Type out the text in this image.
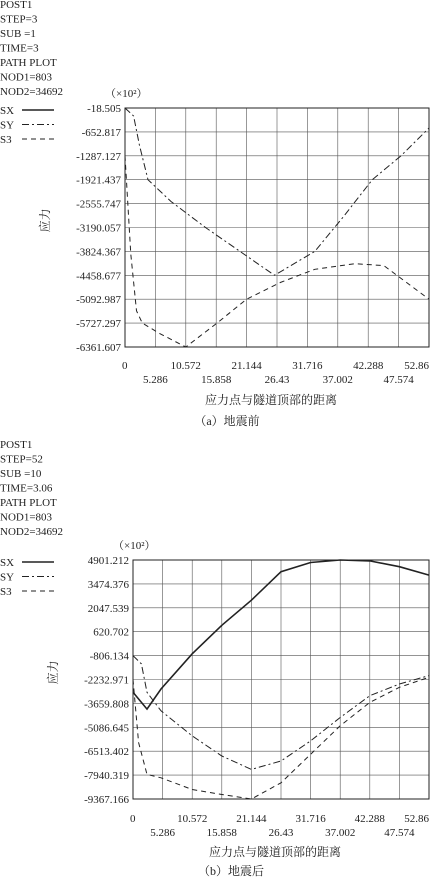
POST1
STEP=3
SUB =1
TIME=3
PATH PLOT
NOD1=803
NOD2=34692
SX
SY
S3
（×10²）
-18.505
-652.817
-1287.127
-1921.437
-2555.747
-3190.057
-3824.367
-4458.677
-5092.987
-5727.297
-6361.607
应力
0	10.572	21.144	31.716	42.288 52.86
5.286	15.858	26.43	37.002	47.574
应力点与隧道顶部的距离
（a）地震前
POST1
STEP=52
SUB =10
TIME=3.06
PATH PLOT
NOD1=803
NOD2=34692
SX
SY
S3
（×10²）
4901.212
3474.376
2047.539
620.702
-806.134
-2232.971
-3659.808
-5086.645
-6513.402
-7940.319
-9367.166
应力
0	10.572	21.144	31.716	42.288 52.86
5.286	15.858	26.43	37.002	47.574
应力点与隧道顶部的距离
（b）地震后
